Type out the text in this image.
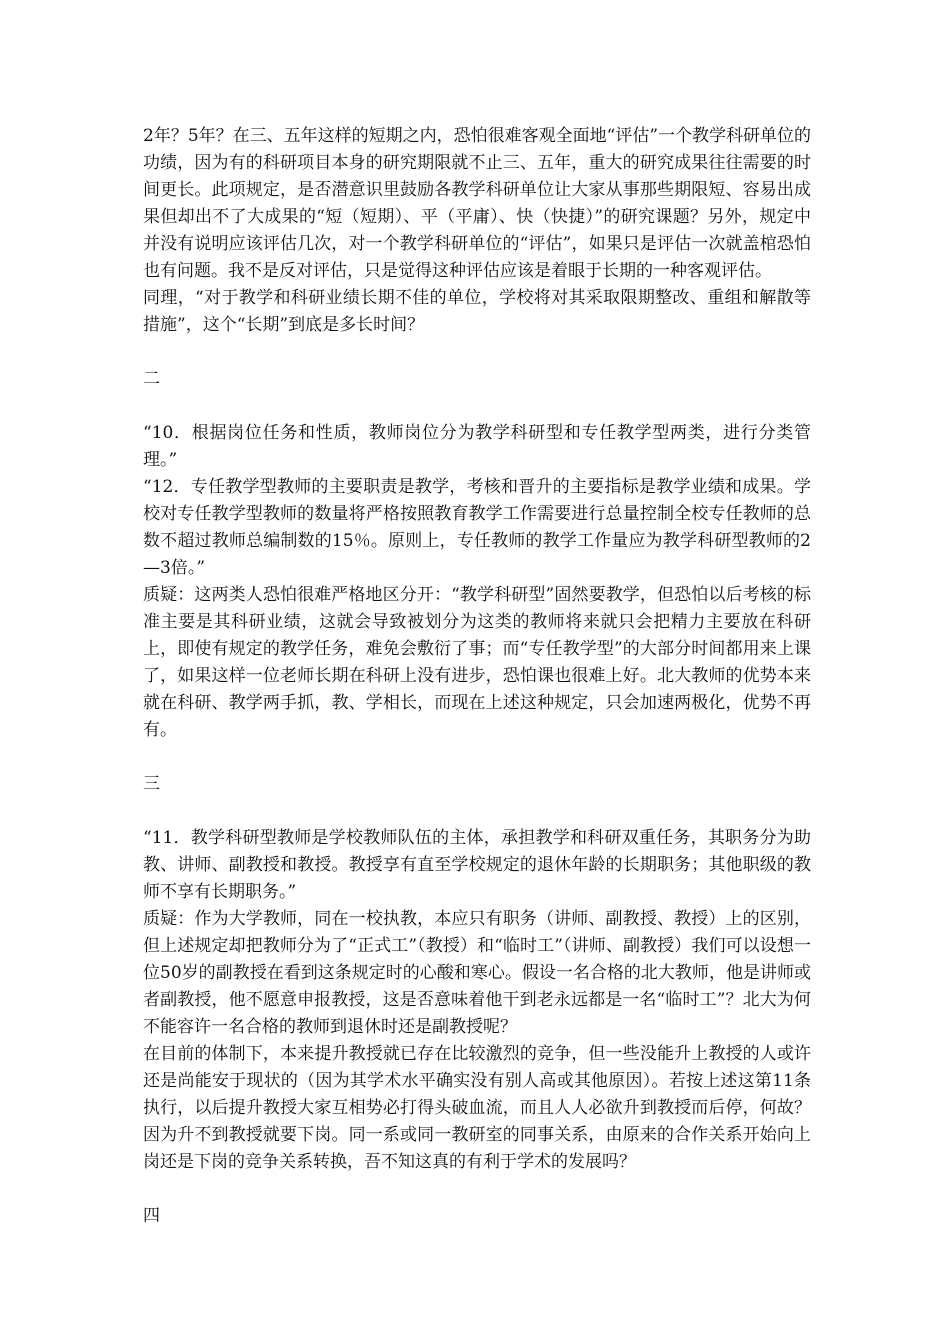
2年？5年？在三、五年这样的短期之内，恐怕很难客观全面地“评估”一个教学科研单位的功绩，因为有的科研项目本身的研究期限就不止三、五年，重大的研究成果往往需要的时间更长。此项规定，是否潜意识里鼓励各教学科研单位让大家从事那些期限短、容易出成果但却出不了大成果的“短（短期）、平（平庸）、快（快捷）”的研究课题？另外，规定中并没有说明应该评估几次，对一个教学科研单位的“评估”，如果只是评估一次就盖棺恐怕也有问题。我不是反对评估，只是觉得这种评估应该是着眼于长期的一种客观评估。

同理，“对于教学和科研业绩长期不佳的单位，学校将对其采取限期整改、重组和解散等措施”，这个“长期”到底是多长时间？

二

“10．根据岗位任务和性质，教师岗位分为教学科研型和专任教学型两类，进行分类管理。”

“12．专任教学型教师的主要职责是教学，考核和晋升的主要指标是教学业绩和成果。学校对专任教学型教师的数量将严格按照教育教学工作需要进行总量控制全校专任教师的总数不超过教师总编制数的15％。原则上，专任教师的教学工作量应为教学科研型教师的2—3倍。”

质疑：这两类人恐怕很难严格地区分开：“教学科研型”固然要教学，但恐怕以后考核的标准主要是其科研业绩，这就会导致被划分为这类的教师将来就只会把精力主要放在科研上，即使有规定的教学任务，难免会敷衍了事；而“专任教学型”的大部分时间都用来上课了，如果这样一位老师长期在科研上没有进步，恐怕课也很难上好。北大教师的优势本来就在科研、教学两手抓，教、学相长，而现在上述这种规定，只会加速两极化，优势不再有。

三

“11．教学科研型教师是学校教师队伍的主体，承担教学和科研双重任务，其职务分为助教、讲师、副教授和教授。教授享有直至学校规定的退休年龄的长期职务；其他职级的教师不享有长期职务。”

质疑：作为大学教师，同在一校执教，本应只有职务（讲师、副教授、教授）上的区别，但上述规定却把教师分为了“正式工”（教授）和“临时工”（讲师、副教授）我们可以设想一位50岁的副教授在看到这条规定时的心酸和寒心。假设一名合格的北大教师，他是讲师或者副教授，他不愿意申报教授，这是否意味着他干到老永远都是一名“临时工”？北大为何不能容许一名合格的教师到退休时还是副教授呢？

在目前的体制下，本来提升教授就已存在比较激烈的竞争，但一些没能升上教授的人或许还是尚能安于现状的（因为其学术水平确实没有别人高或其他原因）。若按上述这第11条执行，以后提升教授大家互相势必打得头破血流，而且人人必欲升到教授而后停，何故？因为升不到教授就要下岗。同一系或同一教研室的同事关系，由原来的合作关系开始向上岗还是下岗的竞争关系转换，吾不知这真的有利于学术的发展吗？

四
